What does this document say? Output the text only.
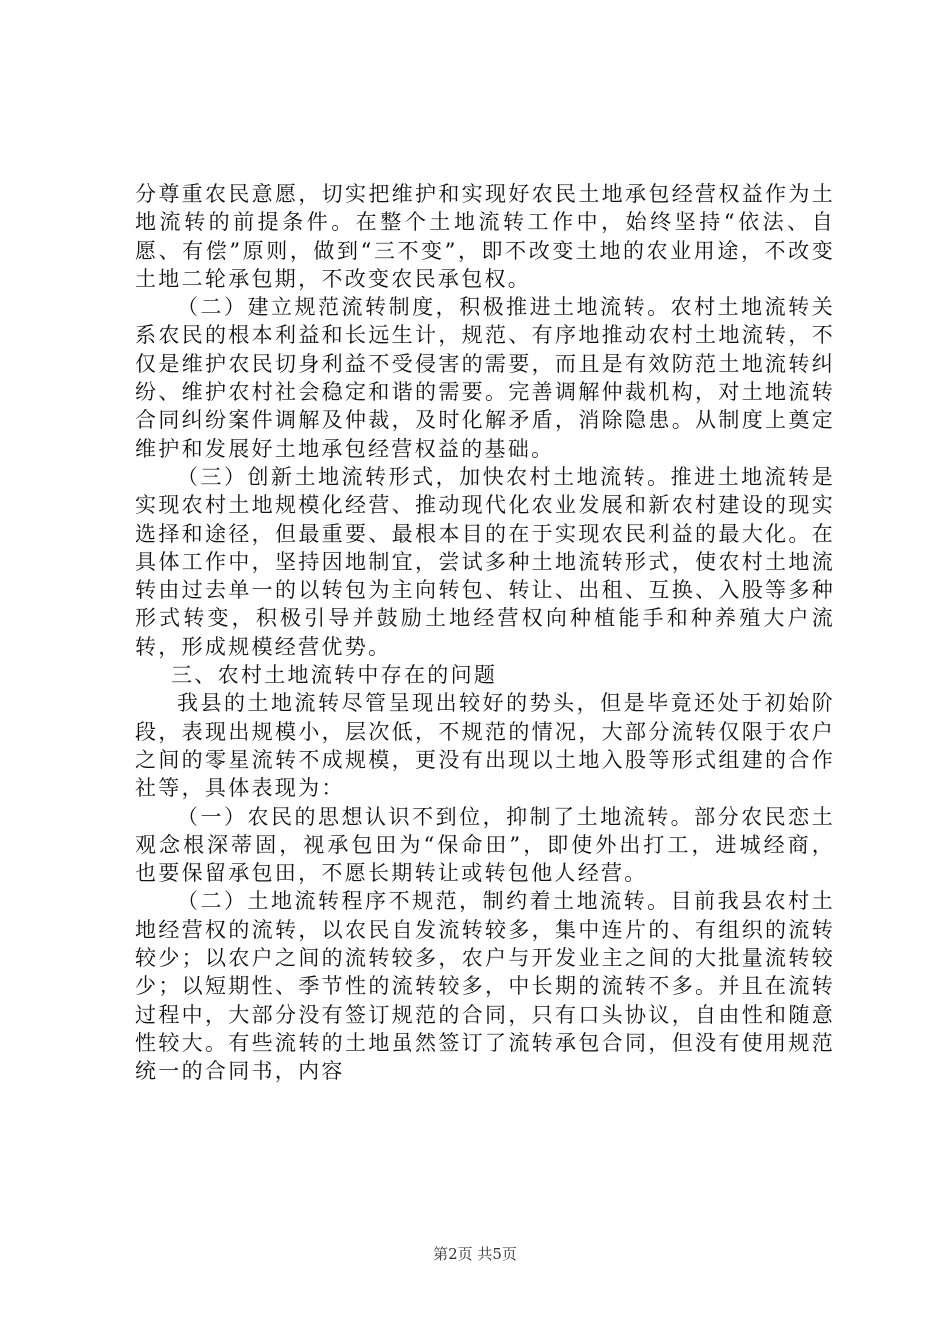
分尊重农民意愿，切实把维护和实现好农民土地承包经营权益作为土地流转的前提条件。在整个土地流转工作中，始终坚持“依法、自愿、有偿”原则，做到“三不变”，即不改变土地的农业用途，不改变土地二轮承包期，不改变农民承包权。

（二）建立规范流转制度，积极推进土地流转。农村土地流转关系农民的根本利益和长远生计，规范、有序地推动农村土地流转，不仅是维护农民切身利益不受侵害的需要，而且是有效防范土地流转纠纷、维护农村社会稳定和谐的需要。完善调解仲裁机构，对土地流转合同纠纷案件调解及仲裁，及时化解矛盾，消除隐患。从制度上奠定维护和发展好土地承包经营权益的基础。

（三）创新土地流转形式，加快农村土地流转。推进土地流转是实现农村土地规模化经营、推动现代化农业发展和新农村建设的现实选择和途径，但最重要、最根本目的在于实现农民利益的最大化。在具体工作中，坚持因地制宜，尝试多种土地流转形式，使农村土地流转由过去单一的以转包为主向转包、转让、出租、互换、入股等多种形式转变，积极引导并鼓励土地经营权向种植能手和种养殖大户流转，形成规模经营优势。

三、农村土地流转中存在的问题

我县的土地流转尽管呈现出较好的势头，但是毕竟还处于初始阶段，表现出规模小，层次低，不规范的情况，大部分流转仅限于农户之间的零星流转不成规模，更没有出现以土地入股等形式组建的合作社等，具体表现为：

（一）农民的思想认识不到位，抑制了土地流转。部分农民恋土观念根深蒂固，视承包田为“保命田”，即使外出打工，进城经商，也要保留承包田，不愿长期转让或转包他人经营。

（二）土地流转程序不规范，制约着土地流转。目前我县农村土地经营权的流转，以农民自发流转较多，集中连片的、有组织的流转较少；以农户之间的流转较多，农户与开发业主之间的大批量流转较少；以短期性、季节性的流转较多，中长期的流转不多。并且在流转过程中，大部分没有签订规范的合同，只有口头协议，自由性和随意性较大。有些流转的土地虽然签订了流转承包合同，但没有使用规范统一的合同书，内容

第2页 共5页
